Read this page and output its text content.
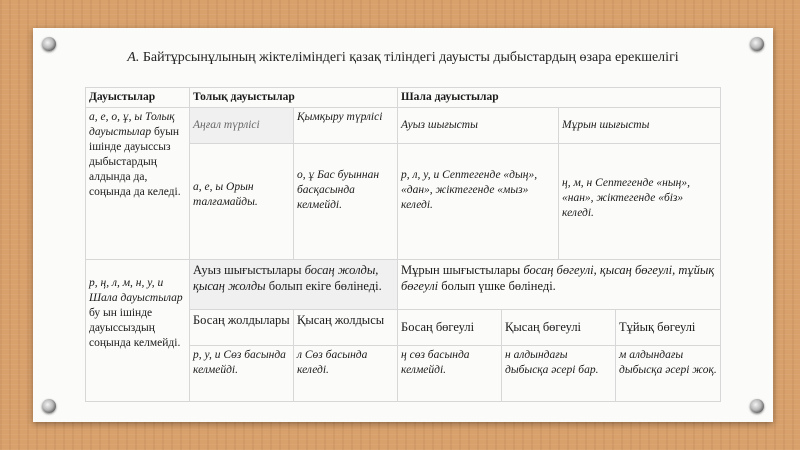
А. Байтұрсынұлының жіктеліміндегі қазақ тіліндегі дауысты дыбыстардың өзара ерекшелігі
Дауыстылар	Толық дауыстылар		Шала дауыстылар			
а, е, о, ұ, ы Толық дауыстылар буын ішінде дауыссыз дыбыстардың алдында да, соңында да келеді.	Аңғал түрлісі	Қымқыру түрлісі	Ауыз шығысты		Мұрын шығысты	
	а, е, ы Орын талғамайды.	о, ұ Бас буыннан басқасында келмейді.	р, л, у, и Септегенде «дың», «дан», жіктегенде «мыз» келеді.		ң, м, н Септегенде «ның», «нан», жіктегенде «біз» келеді.	
р, ң, л, м, н, у, и Шала дауыстылар бу ын ішінде дауыссыздың соңында келмейді.	Ауыз шығыстылары босаң жолды, қысаң жолды болып екіге бөлінеді.		Мұрын шығыстылары босаң бөгеулі, қысаң бөгеулі, тұйық бөгеулі болып үшке бөлінеді.			
	Босаң жолдылары	Қысаң жолдысы	Босаң бөгеулі	Қысаң бөгеулі		Тұйық бөгеулі
	р, у, и Сөз басында келмейді.	л Сөз басында келеді.	ң сөз басында келмейді.	н алдындағы дыбысқа әсері бар.		м алдындағы дыбысқа әсері жоқ.
